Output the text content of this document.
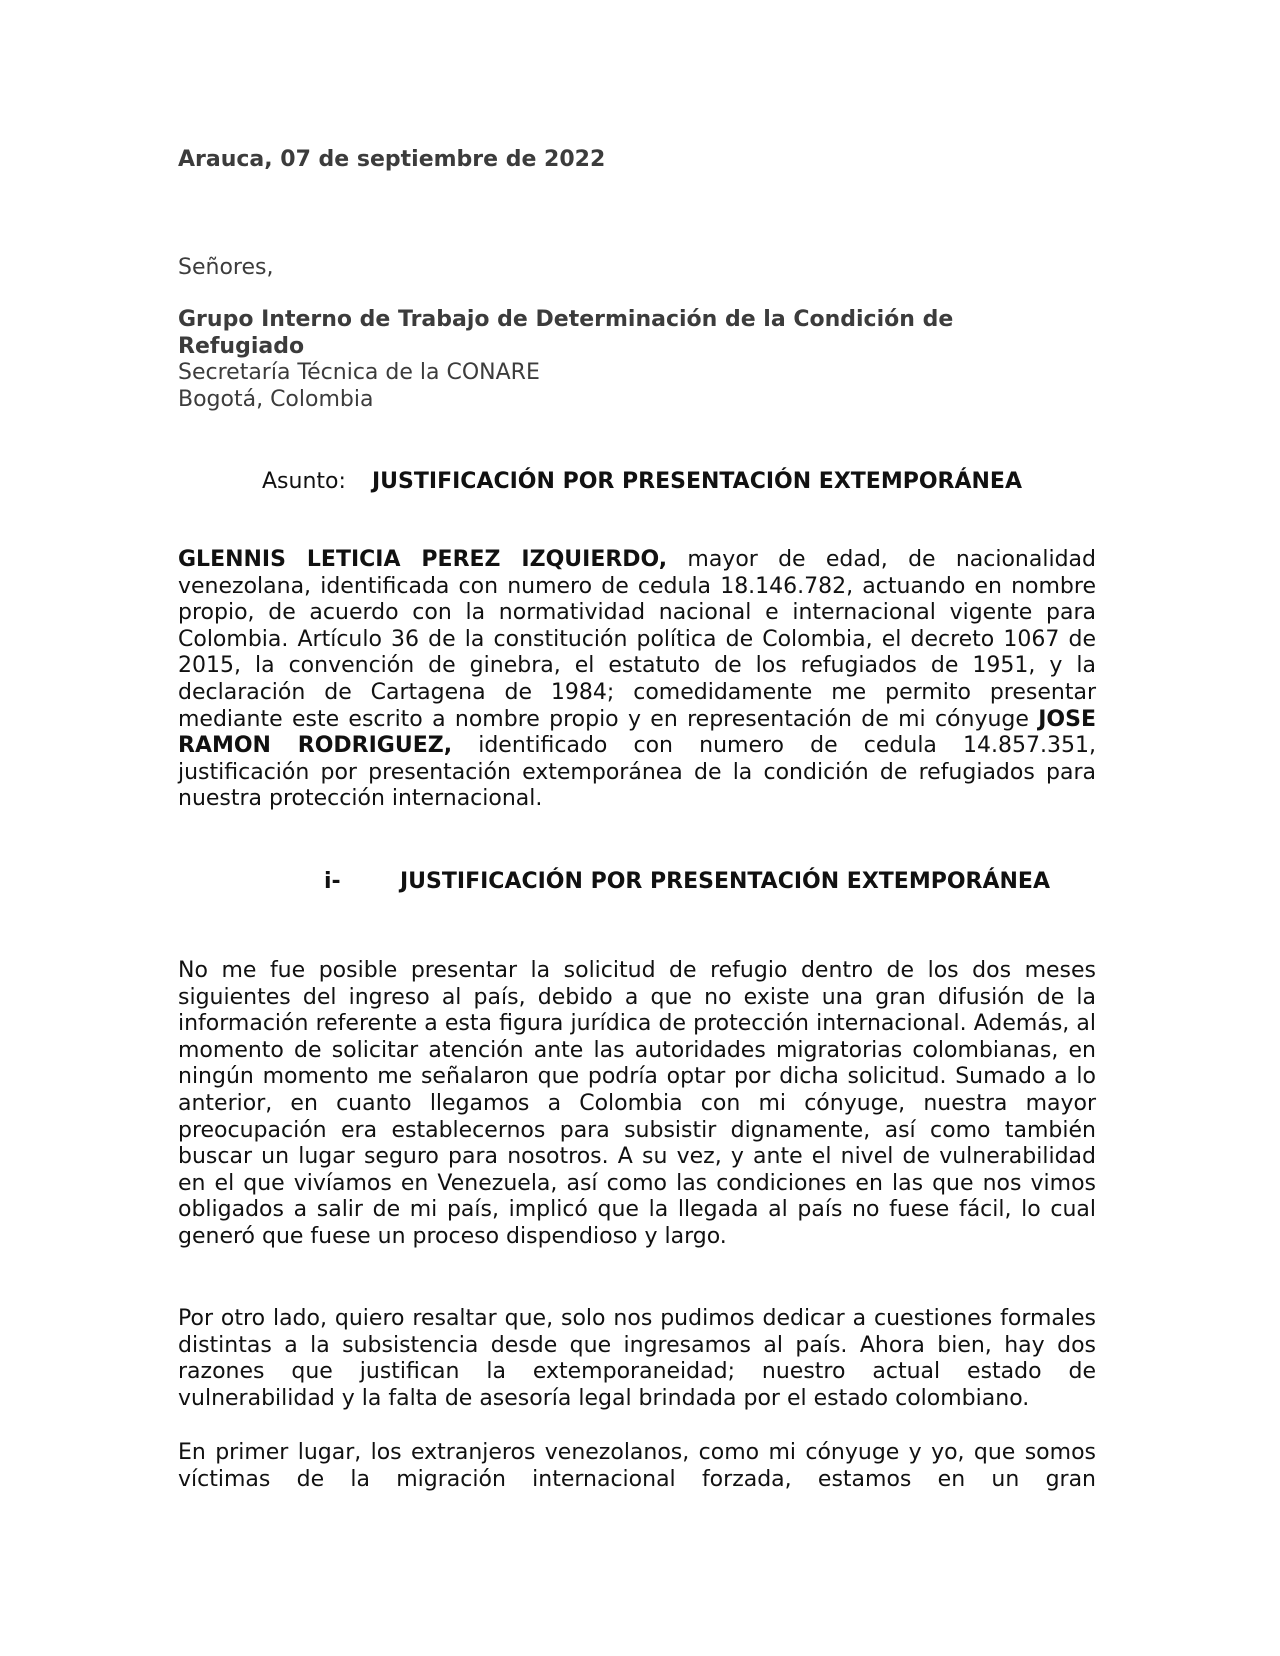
Arauca, 07 de septiembre de 2022

Señores,

Grupo Interno de Trabajo de Determinación de la Condición de Refugiado
Secretaría Técnica de la CONARE
Bogotá, Colombia
Asunto: JUSTIFICACIÓN POR PRESENTACIÓN EXTEMPORÁNEA

GLENNIS LETICIA PEREZ IZQUIERDO, mayor de edad, de nacionalidad venezolana, identificada con numero de cedula 18.146.782, actuando en nombre propio, de acuerdo con la normatividad nacional e internacional vigente para Colombia. Artículo 36 de la constitución política de Colombia, el decreto 1067 de 2015, la convención de ginebra, el estatuto de los refugiados de 1951, y la declaración de Cartagena de 1984; comedidamente me permito presentar mediante este escrito a nombre propio y en representación de mi cónyuge JOSE RAMON RODRIGUEZ, identificado con numero de cedula 14.857.351, justificación por presentación extemporánea de la condición de refugiados para nuestra protección internacional.

i-	JUSTIFICACIÓN POR PRESENTACIÓN EXTEMPORÁNEA

No me fue posible presentar la solicitud de refugio dentro de los dos meses siguientes del ingreso al país, debido a que no existe una gran difusión de la información referente a esta figura jurídica de protección internacional. Además, al momento de solicitar atención ante las autoridades migratorias colombianas, en ningún momento me señalaron que podría optar por dicha solicitud. Sumado a lo anterior, en cuanto llegamos a Colombia con mi cónyuge, nuestra mayor preocupación era establecernos para subsistir dignamente, así como también buscar un lugar seguro para nosotros. A su vez, y ante el nivel de vulnerabilidad en el que vivíamos en Venezuela, así como las condiciones en las que nos vimos obligados a salir de mi país, implicó que la llegada al país no fuese fácil, lo cual generó que fuese un proceso dispendioso y largo.

Por otro lado, quiero resaltar que, solo nos pudimos dedicar a cuestiones formales distintas a la subsistencia desde que ingresamos al país. Ahora bien, hay dos razones que justifican la extemporaneidad; nuestro actual estado de vulnerabilidad y la falta de asesoría legal brindada por el estado colombiano.

En primer lugar, los extranjeros venezolanos, como mi cónyuge y yo, que somos víctimas de la migración internacional forzada, estamos en un gran
